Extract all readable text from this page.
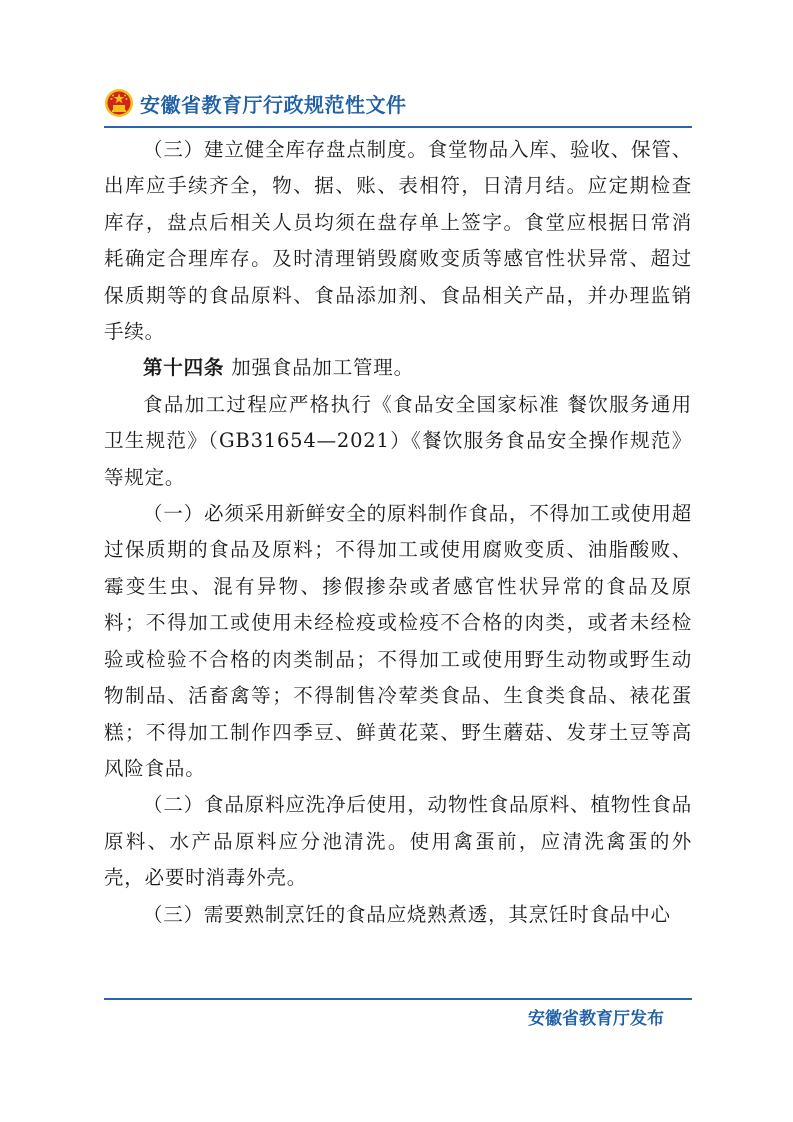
安徽省教育厅行政规范性文件

（三）建立健全库存盘点制度。食堂物品入库、验收、保管、出库应手续齐全，物、据、账、表相符，日清月结。应定期检查库存，盘点后相关人员均须在盘存单上签字。食堂应根据日常消耗确定合理库存。及时清理销毁腐败变质等感官性状异常、超过保质期等的食品原料、食品添加剂、食品相关产品，并办理监销手续。

第十四条 加强食品加工管理。

食品加工过程应严格执行《食品安全国家标准 餐饮服务通用卫生规范》（GB31654—2021）《餐饮服务食品安全操作规范》等规定。

（一）必须采用新鲜安全的原料制作食品，不得加工或使用超过保质期的食品及原料；不得加工或使用腐败变质、油脂酸败、霉变生虫、混有异物、掺假掺杂或者感官性状异常的食品及原料；不得加工或使用未经检疫或检疫不合格的肉类，或者未经检验或检验不合格的肉类制品；不得加工或使用野生动物或野生动物制品、活畜禽等；不得制售冷荤类食品、生食类食品、裱花蛋糕；不得加工制作四季豆、鲜黄花菜、野生蘑菇、发芽土豆等高风险食品。

（二）食品原料应洗净后使用，动物性食品原料、植物性食品原料、水产品原料应分池清洗。使用禽蛋前，应清洗禽蛋的外壳，必要时消毒外壳。

（三）需要熟制烹饪的食品应烧熟煮透，其烹饪时食品中心

安徽省教育厅发布
